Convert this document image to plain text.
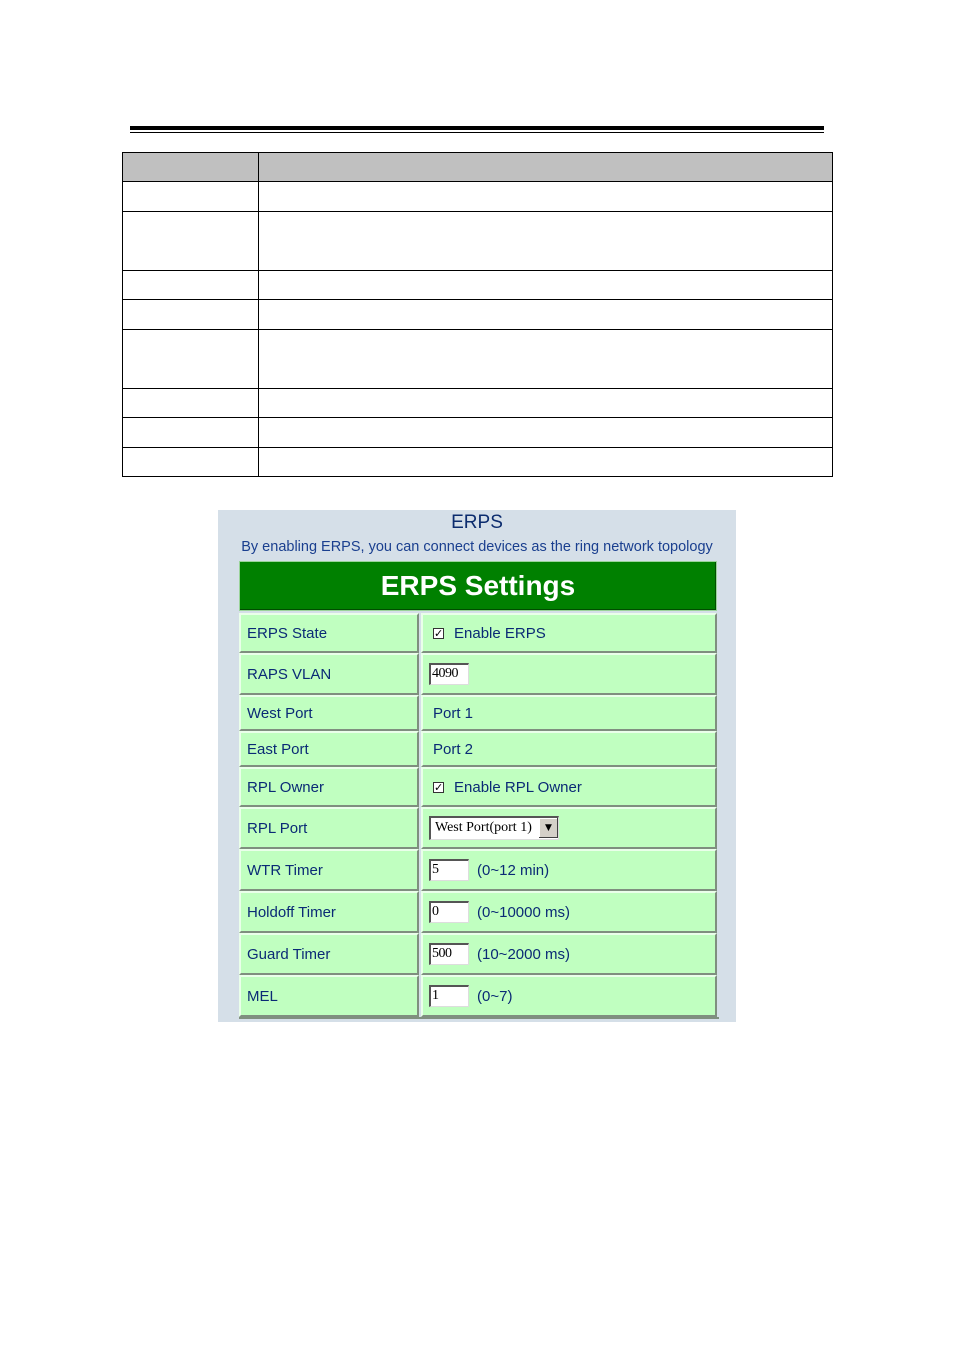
ERPS
By enabling ERPS, you can connect devices as the ring network topology
ERPS Settings
ERPS State	✓ Enable ERPS
RAPS VLAN	4090
West Port	Port 1
East Port	Port 2
RPL Owner	✓ Enable RPL Owner
RPL Port	West Port(port 1)	▼
WTR Timer	5	(0~12 min)
Holdoff Timer	0	(0~10000 ms)
Guard Timer	500	(10~2000 ms)
MEL	1	(0~7)
